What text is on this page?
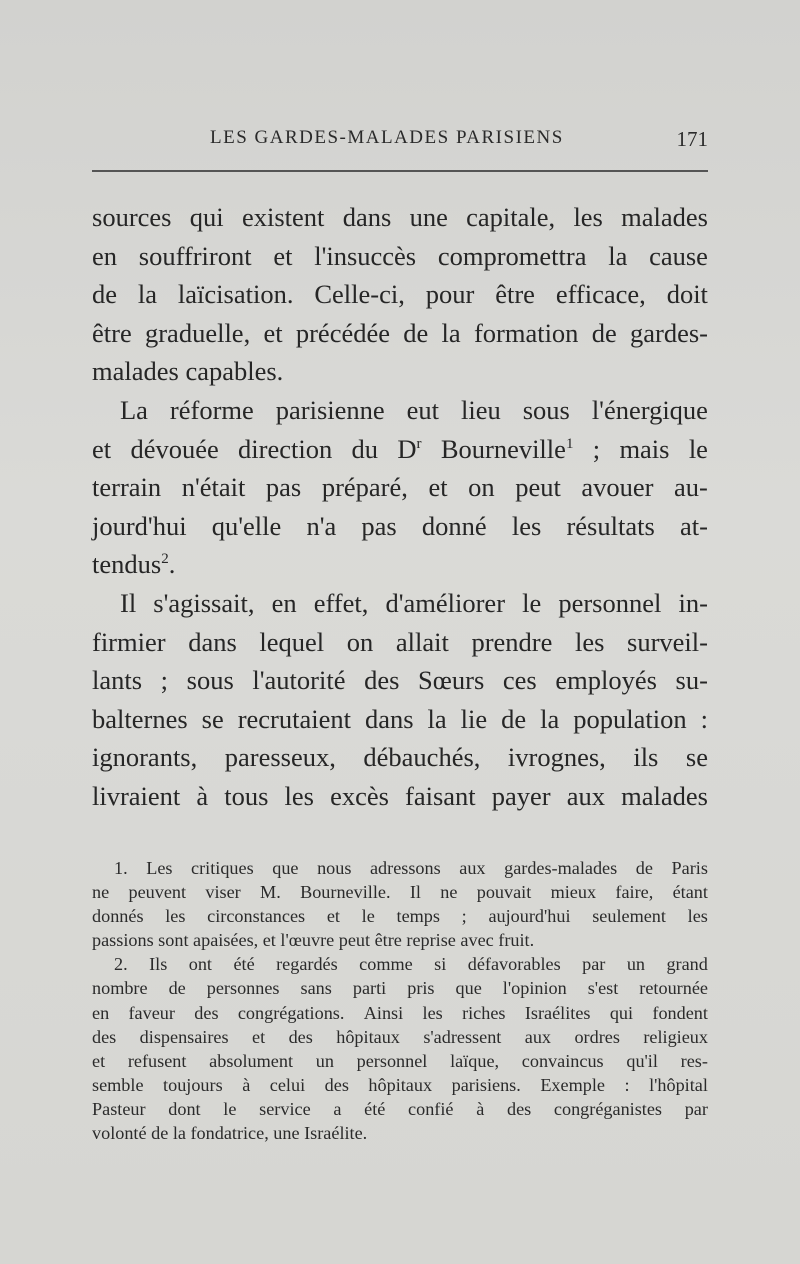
LES GARDES-MALADES PARISIENS	171
sources qui existent dans une capitale, les malades
en souffriront et l'insuccès compromettra la cause
de la laïcisation. Celle-ci, pour être efficace, doit
être graduelle, et précédée de la formation de gardes-
malades capables.
La réforme parisienne eut lieu sous l'énergique
et dévouée direction du $D^r$ Bourneville$^1$ ; mais le
terrain n'était pas préparé, et on peut avouer au-
jourd'hui qu'elle n'a pas donné les résultats at-
tendus$^2$.
Il s'agissait, en effet, d'améliorer le personnel in-
firmier dans lequel on allait prendre les surveil-
lants ; sous l'autorité des Sœurs ces employés su-
balternes se recrutaient dans la lie de la population :
ignorants, paresseux, débauchés, ivrognes, ils se
livraient à tous les excès faisant payer aux malades
1. Les critiques que nous adressons aux gardes-malades de Paris
ne peuvent viser M. Bourneville. Il ne pouvait mieux faire, étant
donnés les circonstances et le temps ; aujourd'hui seulement les
passions sont apaisées, et l'œuvre peut être reprise avec fruit.
2. Ils ont été regardés comme si défavorables par un grand
nombre de personnes sans parti pris que l'opinion s'est retournée
en faveur des congrégations. Ainsi les riches Israélites qui fondent
des dispensaires et des hôpitaux s'adressent aux ordres religieux
et refusent absolument un personnel laïque, convaincus qu'il res-
semble toujours à celui des hôpitaux parisiens. Exemple : l'hôpital
Pasteur dont le service a été confié à des congréganistes par
volonté de la fondatrice, une Israélite.
